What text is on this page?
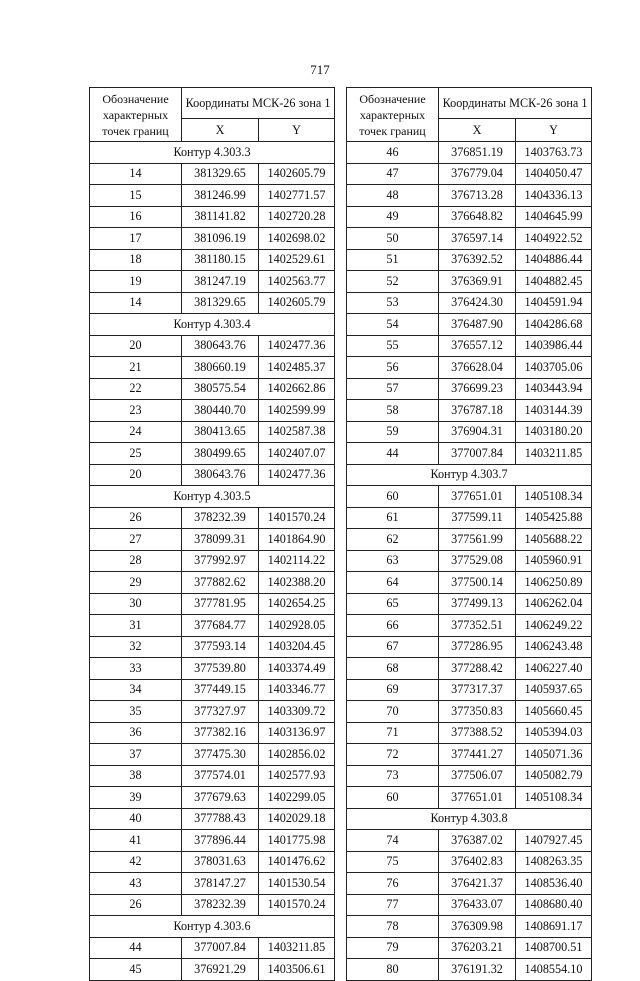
717
Обозначение характерных точек границ	Координаты МСК-26 зона 1	
	X	Y
Контур 4.303.3		
14	381329.65	1402605.79
15	381246.99	1402771.57
16	381141.82	1402720.28
17	381096.19	1402698.02
18	381180.15	1402529.61
19	381247.19	1402563.77
14	381329.65	1402605.79
Контур 4.303.4		
20	380643.76	1402477.36
21	380660.19	1402485.37
22	380575.54	1402662.86
23	380440.70	1402599.99
24	380413.65	1402587.38
25	380499.65	1402407.07
20	380643.76	1402477.36
Контур 4.303.5		
26	378232.39	1401570.24
27	378099.31	1401864.90
28	377992.97	1402114.22
29	377882.62	1402388.20
30	377781.95	1402654.25
31	377684.77	1402928.05
32	377593.14	1403204.45
33	377539.80	1403374.49
34	377449.15	1403346.77
35	377327.97	1403309.72
36	377382.16	1403136.97
37	377475.30	1402856.02
38	377574.01	1402577.93
39	377679.63	1402299.05
40	377788.43	1402029.18
41	377896.44	1401775.98
42	378031.63	1401476.62
43	378147.27	1401530.54
26	378232.39	1401570.24
Контур 4.303.6		
44	377007.84	1403211.85
45	376921.29	1403506.61
Обозначение характерных точек границ	Координаты МСК-26 зона 1	
	X	Y
46	376851.19	1403763.73
47	376779.04	1404050.47
48	376713.28	1404336.13
49	376648.82	1404645.99
50	376597.14	1404922.52
51	376392.52	1404886.44
52	376369.91	1404882.45
53	376424.30	1404591.94
54	376487.90	1404286.68
55	376557.12	1403986.44
56	376628.04	1403705.06
57	376699.23	1403443.94
58	376787.18	1403144.39
59	376904.31	1403180.20
44	377007.84	1403211.85
Контур 4.303.7		
60	377651.01	1405108.34
61	377599.11	1405425.88
62	377561.99	1405688.22
63	377529.08	1405960.91
64	377500.14	1406250.89
65	377499.13	1406262.04
66	377352.51	1406249.22
67	377286.95	1406243.48
68	377288.42	1406227.40
69	377317.37	1405937.65
70	377350.83	1405660.45
71	377388.52	1405394.03
72	377441.27	1405071.36
73	377506.07	1405082.79
60	377651.01	1405108.34
Контур 4.303.8		
74	376387.02	1407927.45
75	376402.83	1408263.35
76	376421.37	1408536.40
77	376433.07	1408680.40
78	376309.98	1408691.17
79	376203.21	1408700.51
80	376191.32	1408554.10
